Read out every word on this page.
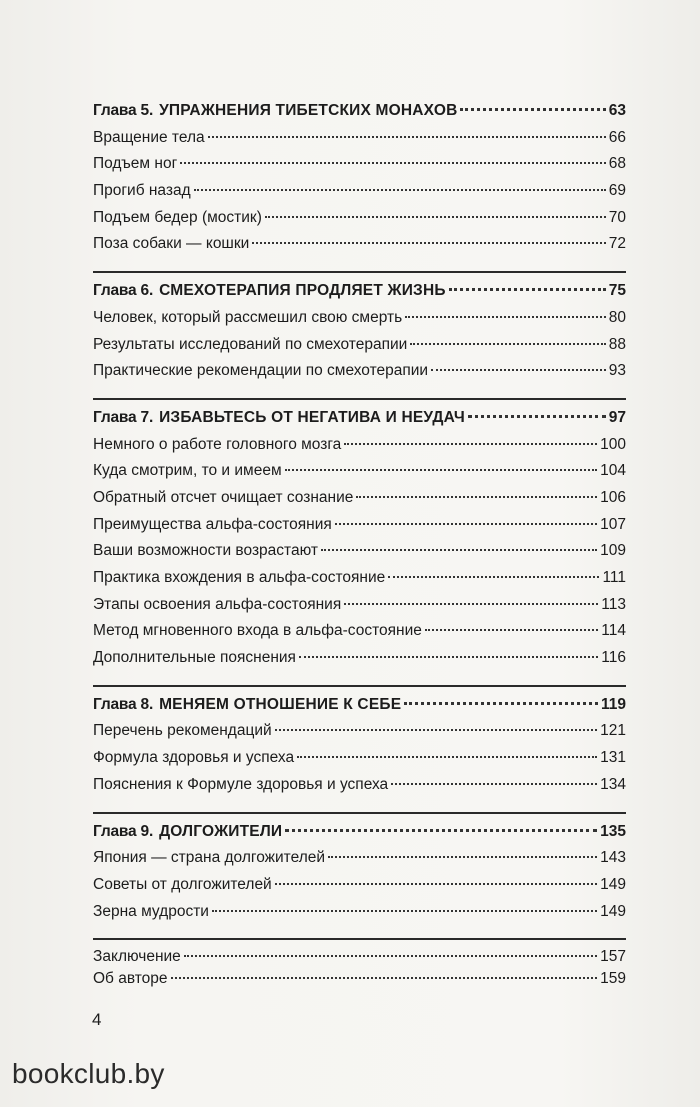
Глава 5. УПРАЖНЕНИЯ ТИБЕТСКИХ МОНАХОВ	63
Вращение тела	66
Подъем ног	68
Прогиб назад	69
Подъем бедер (мостик)	70
Поза собаки — кошки	72
Глава 6. СМЕХОТЕРАПИЯ ПРОДЛЯЕТ ЖИЗНЬ	75
Человек, который рассмешил свою смерть	80
Результаты исследований по смехотерапии	88
Практические рекомендации по смехотерапии	93
Глава 7. ИЗБАВЬТЕСЬ ОТ НЕГАТИВА И НЕУДАЧ	97
Немного о работе головного мозга	100
Куда смотрим, то и имеем	104
Обратный отсчет очищает сознание	106
Преимущества альфа-состояния	107
Ваши возможности возрастают	109
Практика вхождения в альфа-состояние	111
Этапы освоения альфа-состояния	113
Метод мгновенного входа в альфа-состояние	114
Дополнительные пояснения	116
Глава 8. МЕНЯЕМ ОТНОШЕНИЕ К СЕБЕ	119
Перечень рекомендаций	121
Формула здоровья и успеха	131
Пояснения к Формуле здоровья и успеха	134
Глава 9. ДОЛГОЖИТЕЛИ	135
Япония — страна долгожителей	143
Советы от долгожителей	149
Зерна мудрости	149
Заключение	157
Об авторе	159
4
bookclub.by
